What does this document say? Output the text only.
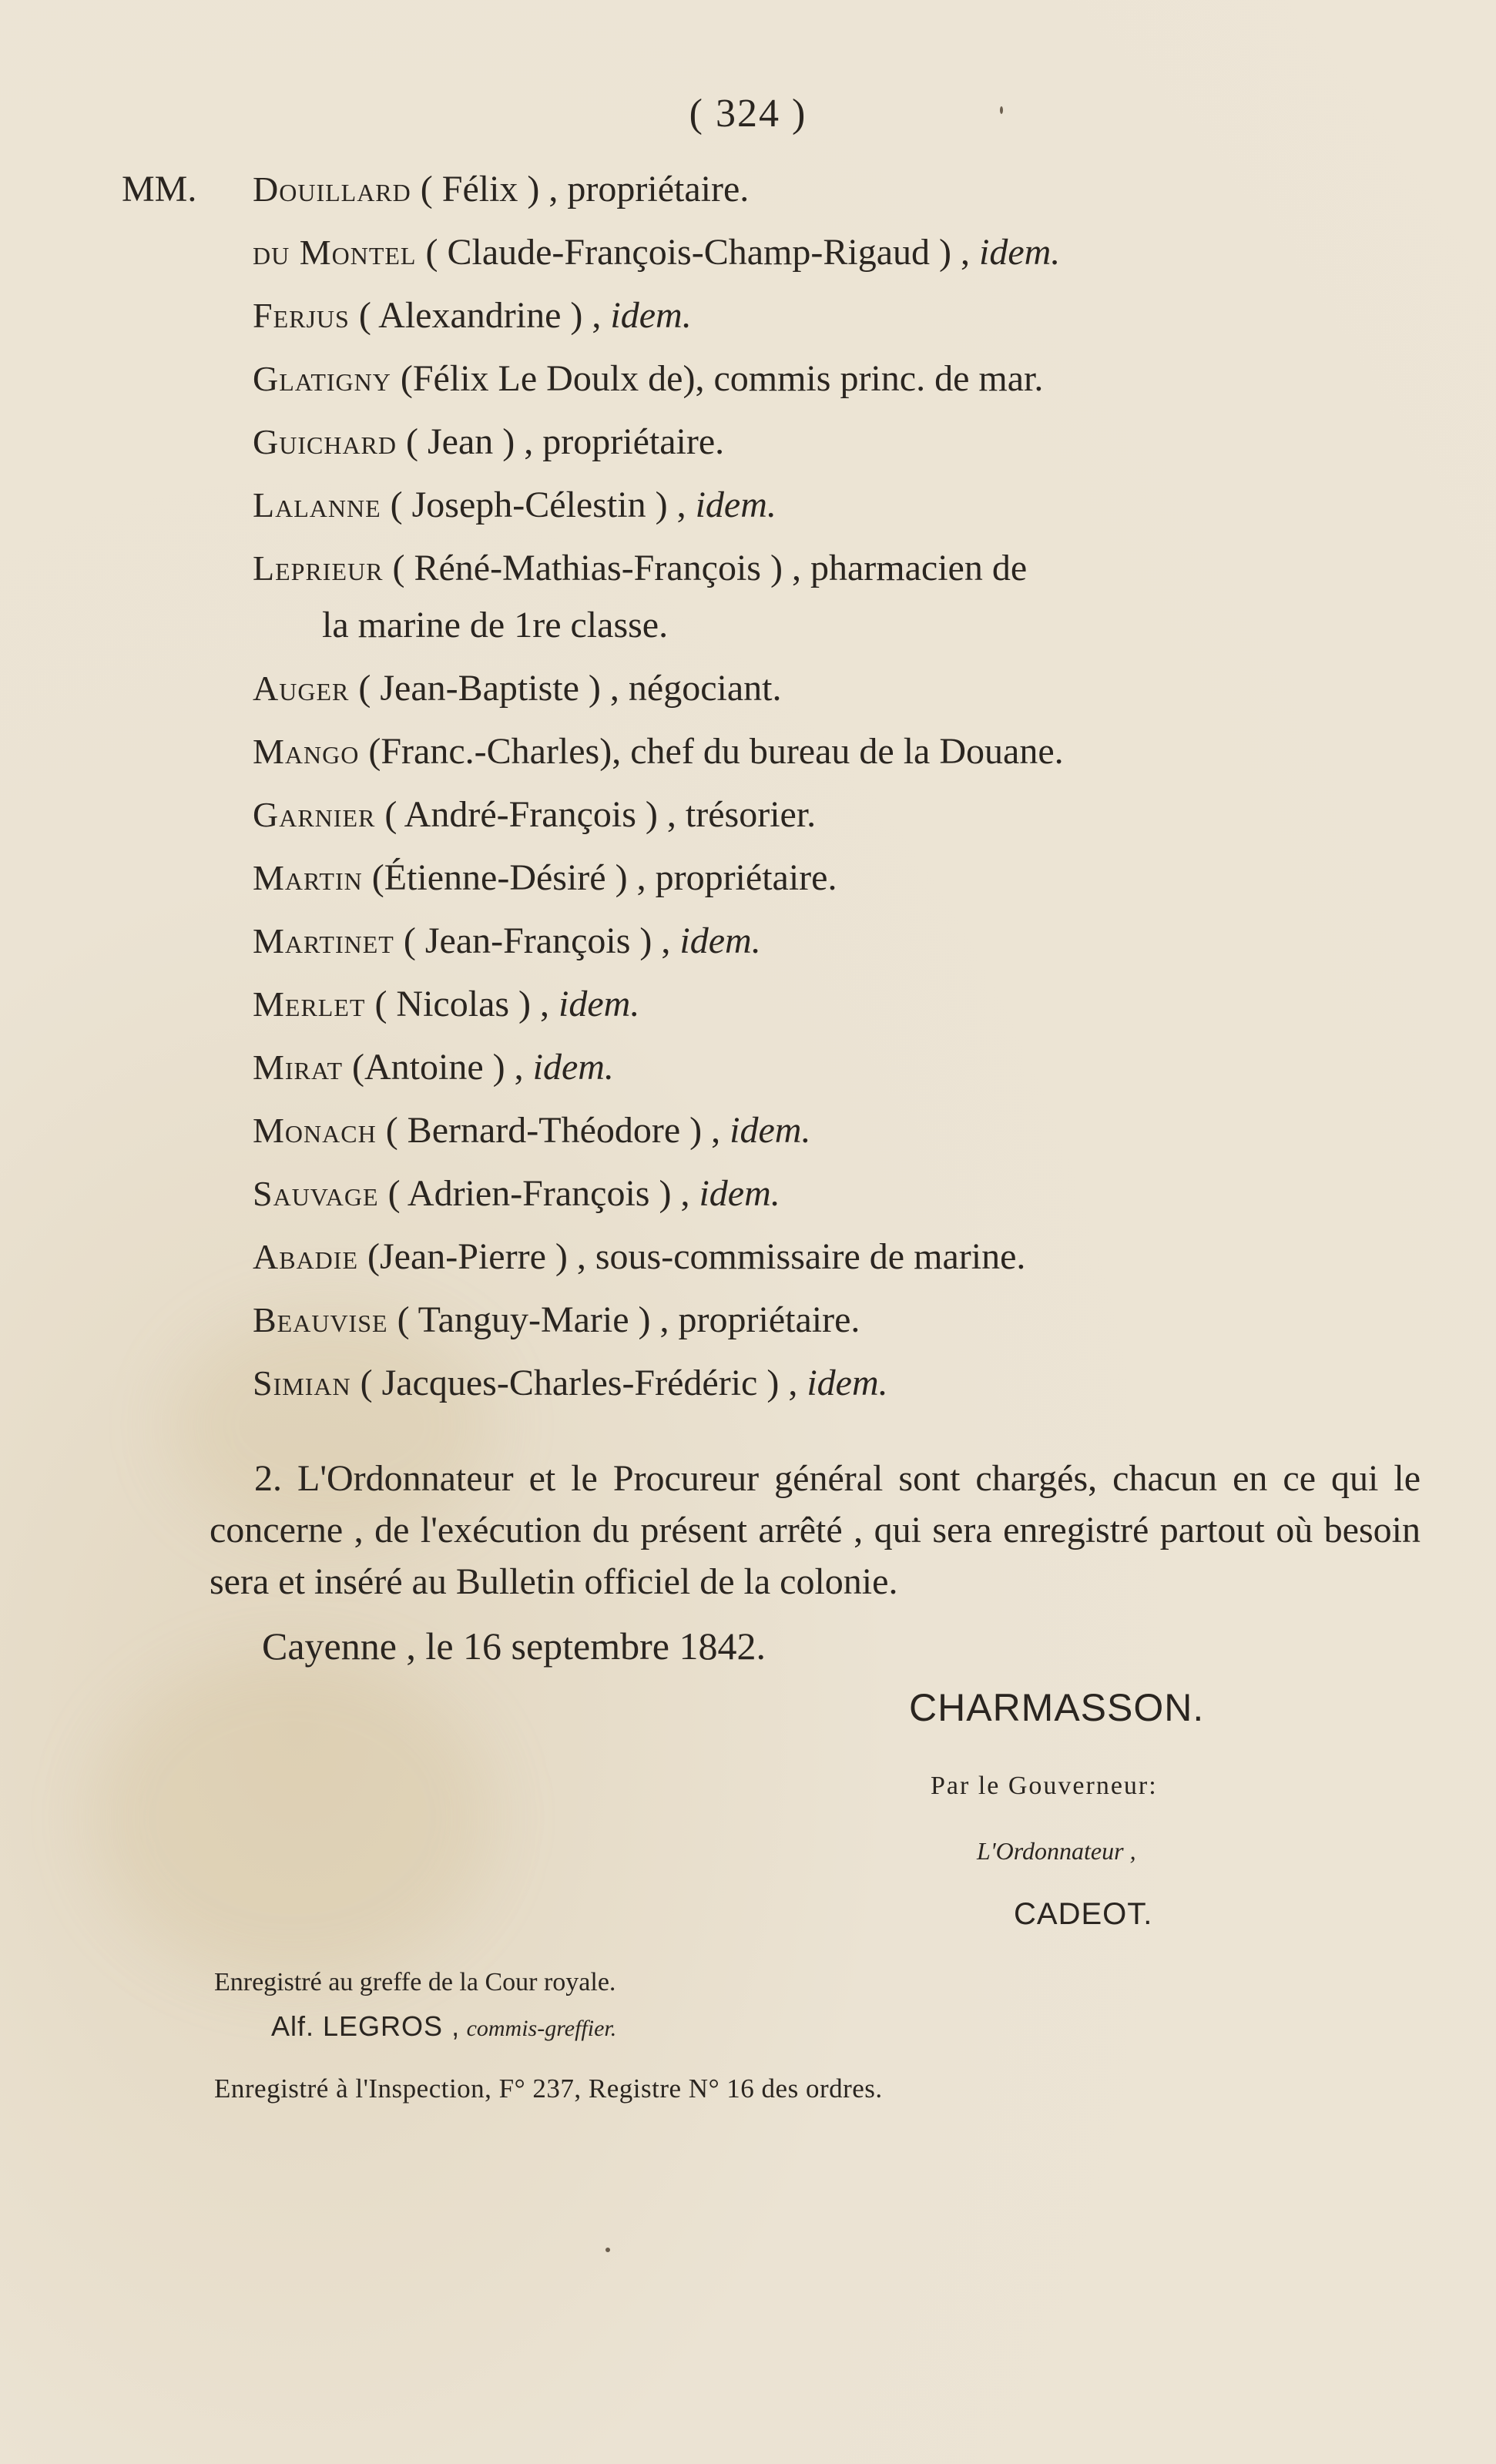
( 324 )
MM. Douillard ( Félix ) , propriétaire.
du Montel ( Claude-François-Champ-Rigaud ) , idem.
Ferjus ( Alexandrine ) , idem.
Glatigny (Félix Le Doulx de), commis princ. de mar.
Guichard ( Jean ) , propriétaire.
Lalanne ( Joseph-Célestin ) , idem.
Leprieur ( Réné-Mathias-François ) , pharmacien de
la marine de 1re classe.
Auger ( Jean-Baptiste ) , négociant.
Mango (Franc.-Charles), chef du bureau de la Douane.
Garnier ( André-François ) , trésorier.
Martin (Étienne-Désiré ) , propriétaire.
Martinet ( Jean-François ) , idem.
Merlet ( Nicolas ) , idem.
Mirat (Antoine ) , idem.
Monach ( Bernard-Théodore ) , idem.
Sauvage ( Adrien-François ) , idem.
Abadie (Jean-Pierre ) , sous-commissaire de marine.
Beauvise ( Tanguy-Marie ) , propriétaire.
Simian ( Jacques-Charles-Frédéric ) , idem.

2. L'Ordonnateur et le Procureur général sont chargés, chacun en ce qui le concerne , de l'exécution du présent arrêté , qui sera enregistré partout où besoin sera et inséré au Bulletin officiel de la colonie.

Cayenne , le 16 septembre 1842.
CHARMASSON.
Par le Gouverneur:
L'Ordonnateur ,
CADEOT.
Enregistré au greffe de la Cour royale.
Alf. LEGROS , commis-greffier.
Enregistré à l'Inspection, F° 237, Registre N° 16 des ordres.
